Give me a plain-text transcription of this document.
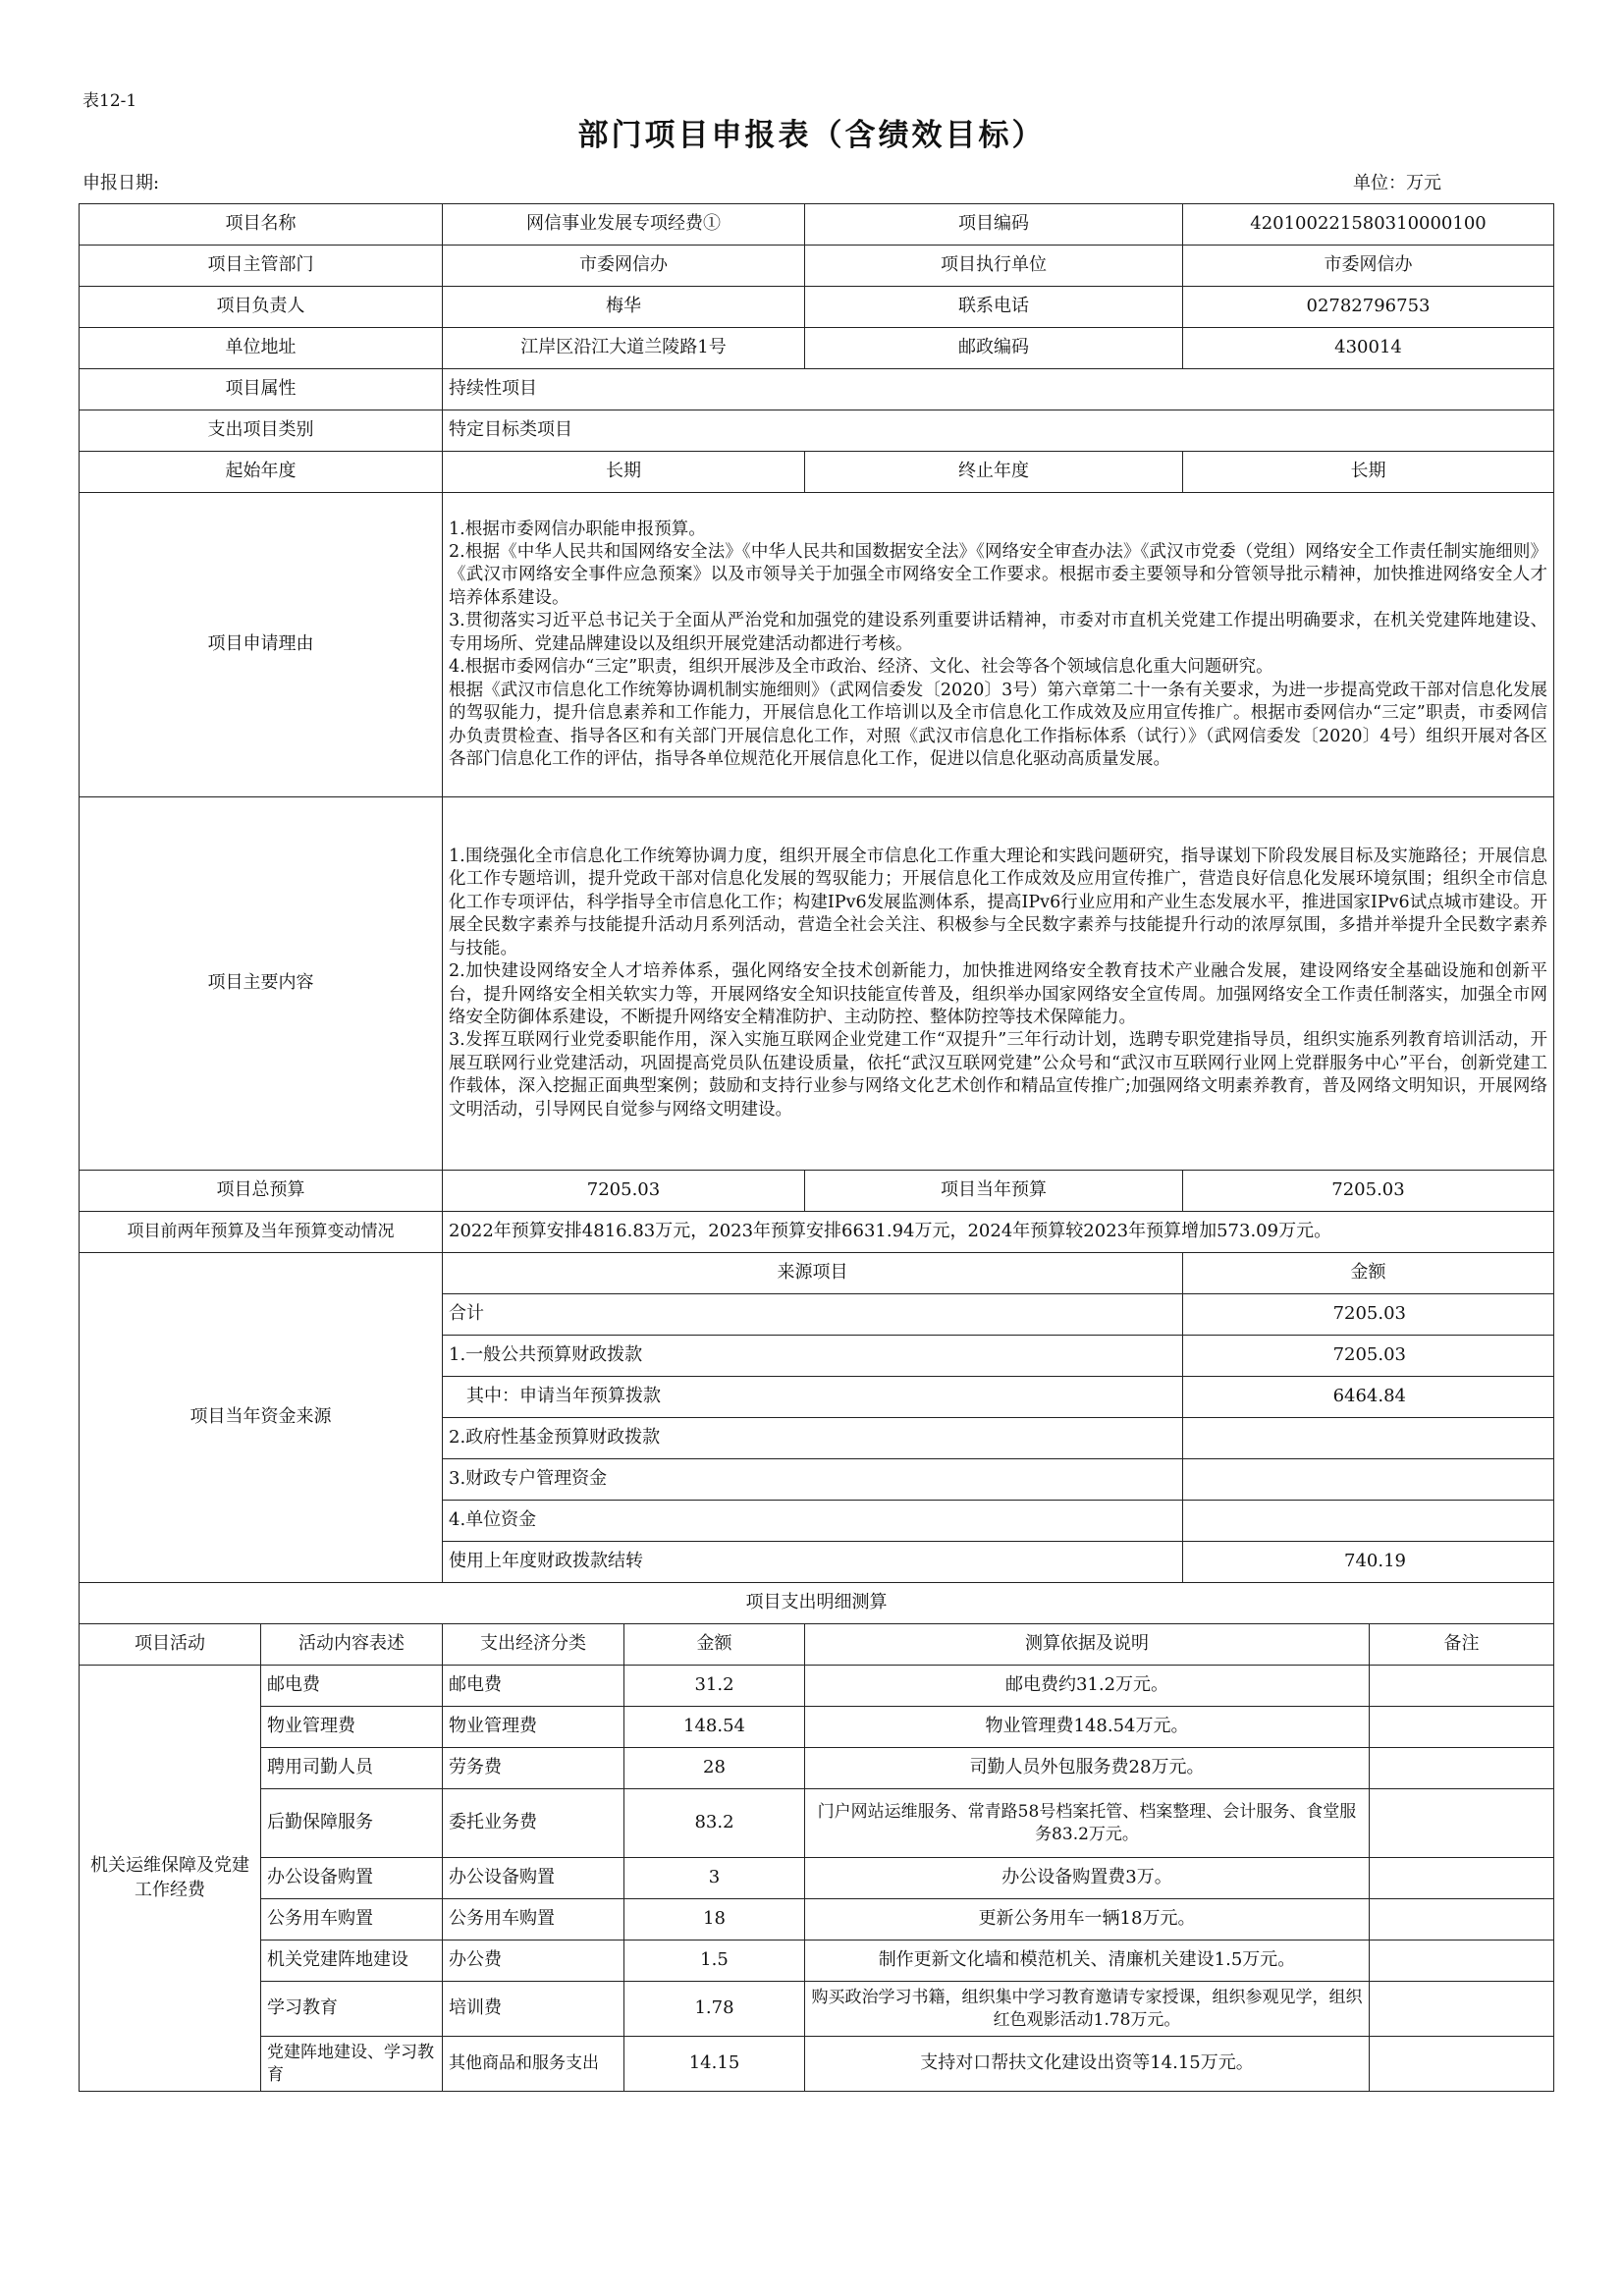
表12-1
部门项目申报表（含绩效目标）
申报日期:	单位：万元
项目名称		网信事业发展专项经费①		项目编码	420100221580310000100	
项目主管部门		市委网信办		项目执行单位	市委网信办	
项目负责人		梅华		联系电话	02782796753	
单位地址		江岸区沿江大道兰陵路1号		邮政编码	430014	
项目属性		持续性项目				
支出项目类别		特定目标类项目				
起始年度		长期		终止年度	长期	
项目申请理由		1.根据市委网信办职能申报预算。

2.根据《中华人民共和国网络安全法》《中华人民共和国数据安全法》《网络安全审查办法》《武汉市党委（党组）网络安全工作责任制实施细则》《武汉市网络安全事件应急预案》以及市领导关于加强全市网络安全工作要求。根据市委主要领导和分管领导批示精神，加快推进网络安全人才培养体系建设。

3.贯彻落实习近平总书记关于全面从严治党和加强党的建设系列重要讲话精神，市委对市直机关党建工作提出明确要求，在机关党建阵地建设、专用场所、党建品牌建设以及组织开展党建活动都进行考核。

4.根据市委网信办“三定”职责，组织开展涉及全市政治、经济、文化、社会等各个领域信息化重大问题研究。

根据《武汉市信息化工作统筹协调机制实施细则》（武网信委发〔2020〕3号）第六章第二十一条有关要求，为进一步提高党政干部对信息化发展的驾驭能力，提升信息素养和工作能力，开展信息化工作培训以及全市信息化工作成效及应用宣传推广。根据市委网信办“三定”职责，市委网信办负责贯检查、指导各区和有关部门开展信息化工作，对照《武汉市信息化工作指标体系（试行）》（武网信委发〔2020〕4号）组织开展对各区各部门信息化工作的评估，指导各单位规范化开展信息化工作，促进以信息化驱动高质量发展。				

项目主要内容		1.围绕强化全市信息化工作统筹协调力度，组织开展全市信息化工作重大理论和实践问题研究，指导谋划下阶段发展目标及实施路径；开展信息化工作专题培训，提升党政干部对信息化发展的驾驭能力；开展信息化工作成效及应用宣传推广，营造良好信息化发展环境氛围；组织全市信息化工作专项评估，科学指导全市信息化工作；构建IPv6发展监测体系，提高IPv6行业应用和产业生态发展水平，推进国家IPv6试点城市建设。开展全民数字素养与技能提升活动月系列活动，营造全社会关注、积极参与全民数字素养与技能提升行动的浓厚氛围，多措并举提升全民数字素养与技能。

2.加快建设网络安全人才培养体系，强化网络安全技术创新能力，加快推进网络安全教育技术产业融合发展，建设网络安全基础设施和创新平台，提升网络安全相关软实力等，开展网络安全知识技能宣传普及，组织举办国家网络安全宣传周。加强网络安全工作责任制落实，加强全市网络安全防御体系建设，不断提升网络安全精准防护、主动防控、整体防控等技术保障能力。

3.发挥互联网行业党委职能作用，深入实施互联网企业党建工作“双提升”三年行动计划，选聘专职党建指导员，组织实施系列教育培训活动，开展互联网行业党建活动，巩固提高党员队伍建设质量，依托“武汉互联网党建”公众号和“武汉市互联网行业网上党群服务中心”平台，创新党建工作载体，深入挖掘正面典型案例；鼓励和支持行业参与网络文化艺术创作和精品宣传推广;加强网络文明素养教育，普及网络文明知识，开展网络文明活动，引导网民自觉参与网络文明建设。				

项目总预算		7205.03		项目当年预算	7205.03	
项目前两年预算及当年预算变动情况		2022年预算安排4816.83万元，2023年预算安排6631.94万元，2024年预算较2023年预算增加573.09万元。				
项目当年资金来源		来源项目			金额	
		合计			7205.03	
		1.一般公共预算财政拨款			7205.03	
		其中：申请当年预算拨款			6464.84	
		2.政府性基金预算财政拨款				
		3.财政专户管理资金				
		4.单位资金				
		使用上年度财政拨款结转			740.19	
项目支出明细测算						
项目活动	活动内容表述	支出经济分类	金额	测算依据及说明		备注
机关运维保障及党建工作经费	邮电费	邮电费	31.2	邮电费约31.2万元。		
	物业管理费	物业管理费	148.54	物业管理费148.54万元。		
	聘用司勤人员	劳务费	28	司勤人员外包服务费28万元。		
	后勤保障服务	委托业务费	83.2	门户网站运维服务、常青路58号档案托管、档案整理、会计服务、食堂服务83.2万元。		
	办公设备购置	办公设备购置	3	办公设备购置费3万。		
	公务用车购置	公务用车购置	18	更新公务用车一辆18万元。		
	机关党建阵地建设	办公费	1.5	制作更新文化墙和模范机关、清廉机关建设1.5万元。		
	学习教育	培训费	1.78	购买政治学习书籍，组织集中学习教育邀请专家授课，组织参观见学，组织红色观影活动1.78万元。		
	党建阵地建设、学习教育	其他商品和服务支出	14.15	支持对口帮扶文化建设出资等14.15万元。		
